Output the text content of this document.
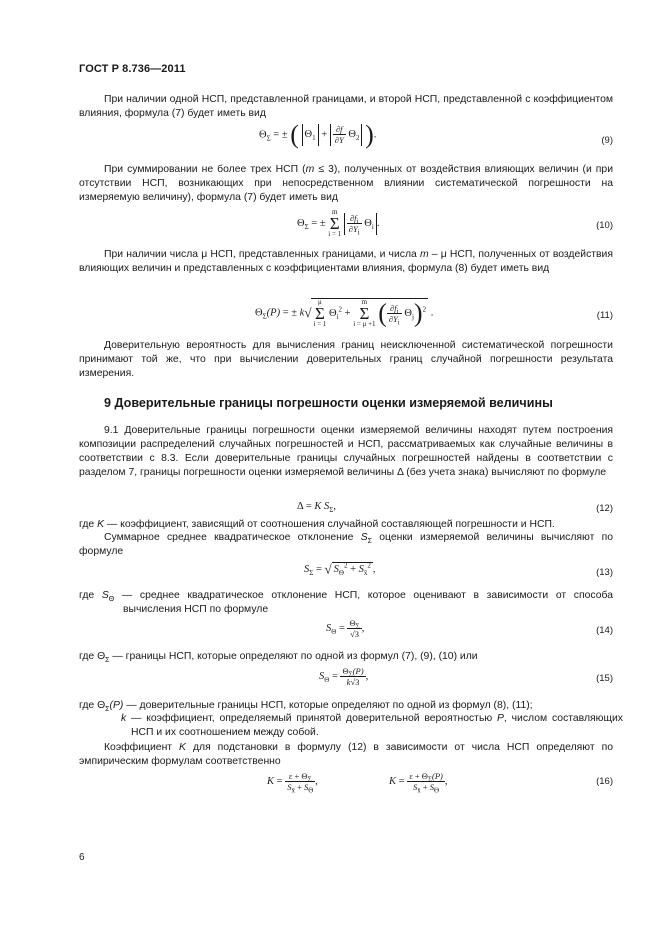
ГОСТ Р 8.736—2011
При наличии одной НСП, представленной границами, и второй НСП, представленной с коэффициентом влияния, формула (7) будет иметь вид
$\Theta_\Sigma$ = ± ( $\Theta_1 + \frac{\partial f}{\partial Y} \Theta_2$ ).
(9)
При суммировании не более трех НСП (m ≤ 3), полученных от воздействия влияющих величин (и при отсутствии НСП, возникающих при непосредственном влиянии систематической погрешности на измеряемую величину), формула (7) будет иметь вид
$\Theta_\Sigma$ = ± m
Σ
i = 1
$\frac{\partial f_i}{\partial Y_i} \Theta_i$ .	(10)
При наличии числа μ НСП, представленных границами, и числа m – μ НСП, полученных от воздействия влияющих величин и представленных с коэффициентами влияния, формула (8) будет иметь вид
$\Theta_\Sigma(P)$ = ± k√μ
Σ
i = 1 $\Theta_i^2 + m$
Σ
i = μ +1 ( $\frac{\partial f_i}{\partial Y_i} \Theta_j)^2$ .	(11)
Доверительную вероятность для вычисления границ неисключенной систематической погрешности принимают той же, что при вычислении доверительных границ случайной погрешности результата измерения.
9 Доверительные границы погрешности оценки измеряемой величины
9.1 Доверительные границы погрешности оценки измеряемой величины находят путем построения композиции распределений случайных погрешностей и НСП, рассматриваемых как случайные величины в соответствии с 8.3. Если доверительные границы случайных погрешностей найдены в соответствии с разделом 7, границы погрешности оценки измеряемой величины Δ (без учета знака) вычисляют по формуле
Δ = K $S_\Sigma$,	(12)
где K — коэффициент, зависящий от соотношения случайной составляющей погрешности и НСП.
Суммарное среднее квадратическое отклонение $S_\Sigma$ оценки измеряемой величины вычисляют по формуле
$S_\Sigma$ = √ $S_\Theta^2 + S_{x̄}^2$ ,	(13)
где $S_\Theta$ — среднее квадратическое отклонение НСП, которое оценивают в зависимости от способа вычисления НСП по формуле
$S_\Theta = \frac{\Theta_\Sigma}{√3}$ ,	(14)
где $\Theta_\Sigma$ — границы НСП, которые определяют по одной из формул (7), (9), (10) или
$S_\Theta = \frac{\Theta_\Sigma(P)}{k√3}$ ,	(15)
где $\Theta_\Sigma(P)$ — доверительные границы НСП, которые определяют по одной из формул (8), (11);
k — коэффициент, определяемый принятой доверительной вероятностью P, числом составляющих НСП и их соотношением между собой.
Коэффициент K для подстановки в формулу (12) в зависимости от числа НСП определяют по эмпирическим формулам соответственно
$K = \frac{\varepsilon + \Theta_\Sigma}{S_{x̄} + S_\Theta}$ ,	$K = \frac{\varepsilon + \Theta_\Sigma(P)}{S_{x̄} + S_\Theta}$ ,	(16)
6
